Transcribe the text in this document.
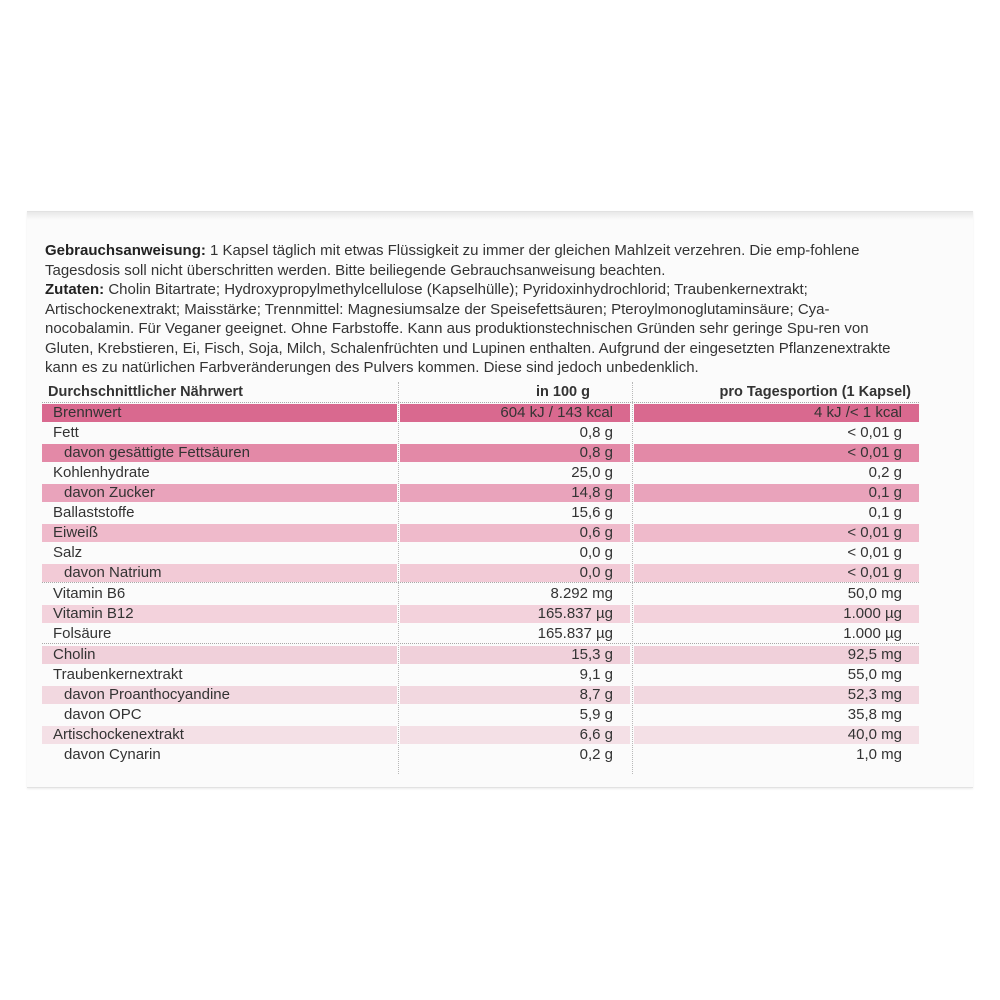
Gebrauchsanweisung: 1 Kapsel täglich mit etwas Flüssigkeit zu immer der gleichen Mahlzeit verzehren. Die emp-fohlene Tagesdosis soll nicht überschritten werden. Bitte beiliegende Gebrauchsanweisung beachten.
Zutaten: Cholin Bitartrate; Hydroxypropylmethylcellulose (Kapselhülle); Pyridoxinhydrochlorid; Traubenkernextrakt; Artischockenextrakt; Maisstärke; Trennmittel: Magnesiumsalze der Speisefettsäuren; Pteroylmonoglutaminsäure; Cya-nocobalamin. Für Veganer geeignet. Ohne Farbstoffe. Kann aus produktionstechnischen Gründen sehr geringe Spu-ren von Gluten, Krebstieren, Ei, Fisch, Soja, Milch, Schalenfrüchten und Lupinen enthalten. Aufgrund der eingesetzten Pflanzenextrakte kann es zu natürlichen Farbveränderungen des Pulvers kommen. Diese sind jedoch unbedenklich.
Durchschnittlicher Nährwert	in 100 g	pro Tagesportion (1 Kapsel)
Brennwert	604 kJ / 143 kcal	4 kJ /< 1 kcal
Fett	0,8 g	< 0,01 g
davon gesättigte Fettsäuren	0,8 g	< 0,01 g
Kohlenhydrate	25,0 g	0,2 g
davon Zucker	14,8 g	0,1 g
Ballaststoffe	15,6 g	0,1 g
Eiweiß	0,6 g	< 0,01 g
Salz	0,0 g	< 0,01 g
davon Natrium	0,0 g	< 0,01 g
Vitamin B6	8.292 mg	50,0 mg
Vitamin B12	165.837 µg	1.000 µg
Folsäure	165.837 µg	1.000 µg
Cholin	15,3 g	92,5 mg
Traubenkernextrakt	9,1 g	55,0 mg
davon Proanthocyandine	8,7 g	52,3 mg
davon OPC	5,9 g	35,8 mg
Artischockenextrakt	6,6 g	40,0 mg
davon Cynarin	0,2 g	1,0 mg
